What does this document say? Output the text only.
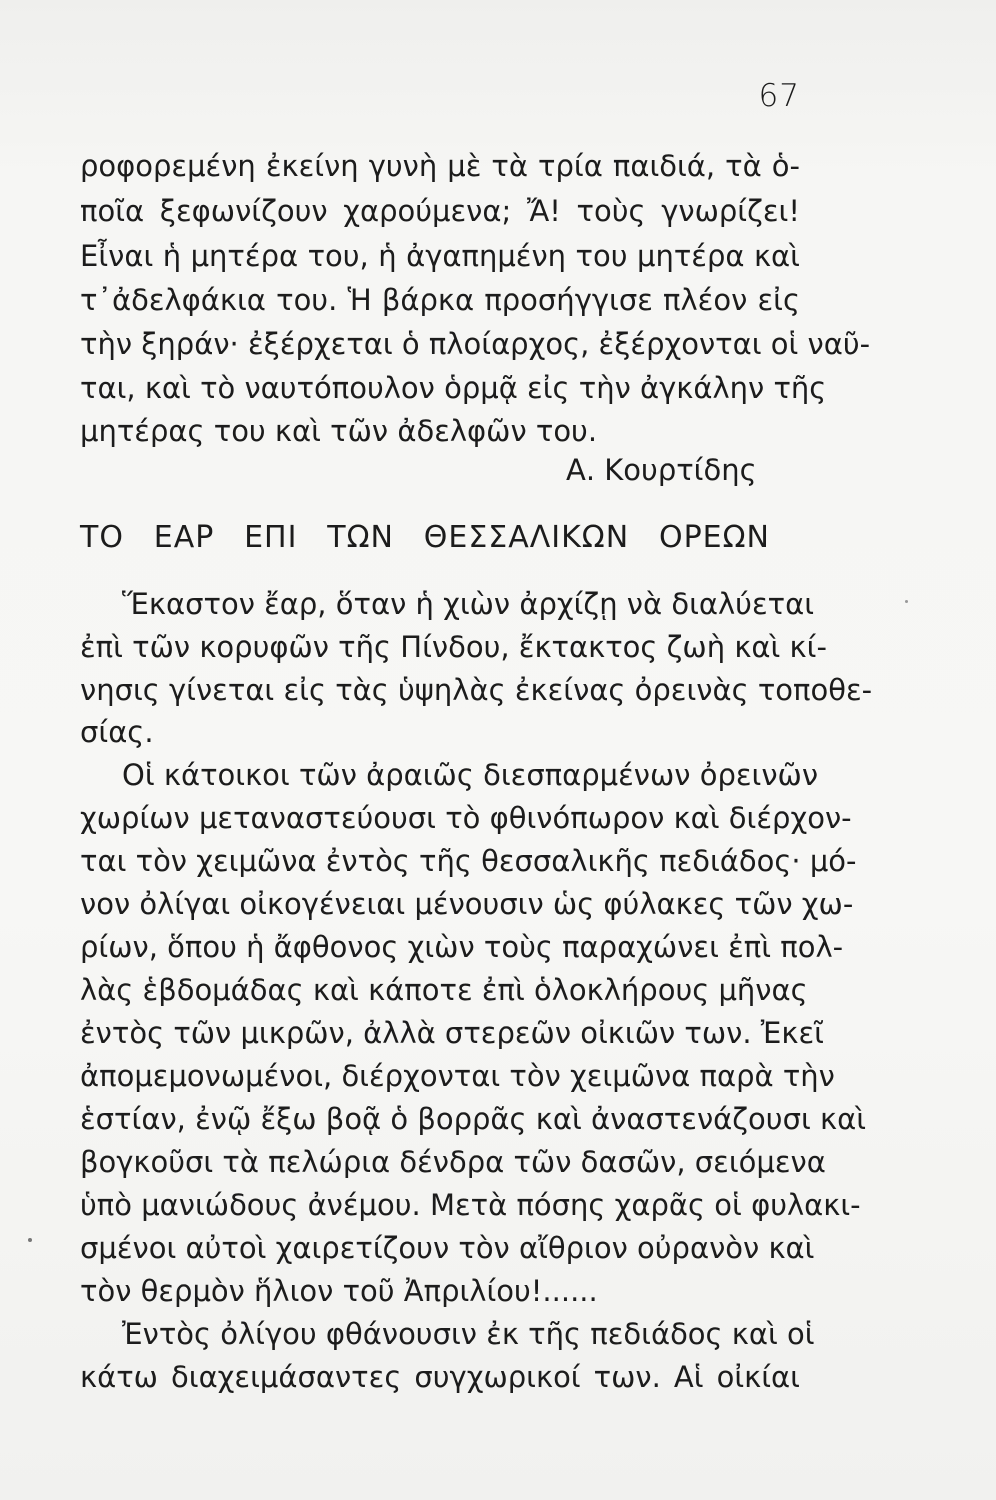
67
ροφορεμένη ἐκείνη γυνὴ μὲ τὰ τρία παιδιά, τὰ ὁ-
ποῖα ξεφωνίζουν χαρούμενα; Ἄ! τοὺς γνωρίζει!
Εἶναι ἡ μητέρα του, ἡ ἀγαπημένη του μητέρα καὶ
τ᾽ἀδελφάκια του. Ἡ βάρκα προσήγγισε πλέον εἰς
τὴν ξηράν· ἐξέρχεται ὁ πλοίαρχος, ἐξέρχονται οἱ ναῦ-
ται, καὶ τὸ ναυτόπουλον ὁρμᾷ εἰς τὴν ἀγκάλην τῆς
μητέρας του καὶ τῶν ἀδελφῶν του.
Α. Κουρτίδης
ΤΟ ΕΑΡ ΕΠΙ ΤΩΝ ΘΕΣΣΑΛΙΚΩΝ ΟΡΕΩΝ
Ἕκαστον ἔαρ, ὅταν ἡ χιὼν ἀρχίζῃ νὰ διαλύεται
ἐπὶ τῶν κορυφῶν τῆς Πίνδου, ἔκτακτος ζωὴ καὶ κί-
νησις γίνεται εἰς τὰς ὑψηλὰς ἐκείνας ὀρεινὰς τοποθε-
σίας.
Οἱ κάτοικοι τῶν ἀραιῶς διεσπαρμένων ὀρεινῶν
χωρίων μεταναστεύουσι τὸ φθινόπωρον καὶ διέρχον-
ται τὸν χειμῶνα ἐντὸς τῆς θεσσαλικῆς πεδιάδος· μό-
νον ὀλίγαι οἰκογένειαι μένουσιν ὡς φύλακες τῶν χω-
ρίων, ὅπου ἡ ἄφθονος χιὼν τοὺς παραχώνει ἐπὶ πολ-
λὰς ἑβδομάδας καὶ κάποτε ἐπὶ ὁλοκλήρους μῆνας
ἐντὸς τῶν μικρῶν, ἀλλὰ στερεῶν οἰκιῶν των. Ἐκεῖ
ἀπομεμονωμένοι, διέρχονται τὸν χειμῶνα παρὰ τὴν
ἑστίαν, ἐνῷ ἔξω βοᾷ ὁ βορρᾶς καὶ ἀναστενάζουσι καὶ
βογκοῦσι τὰ πελώρια δένδρα τῶν δασῶν, σειόμενα
ὑπὸ μανιώδους ἀνέμου. Μετὰ πόσης χαρᾶς οἱ φυλακι-
σμένοι αὐτοὶ χαιρετίζουν τὸν αἴθριον οὐρανὸν καὶ
τὸν θερμὸν ἥλιον τοῦ Ἀπριλίου!......
Ἐντὸς ὀλίγου φθάνουσιν ἐκ τῆς πεδιάδος καὶ οἱ
κάτω διαχειμάσαντες συγχωρικοί των. Αἱ οἰκίαι
